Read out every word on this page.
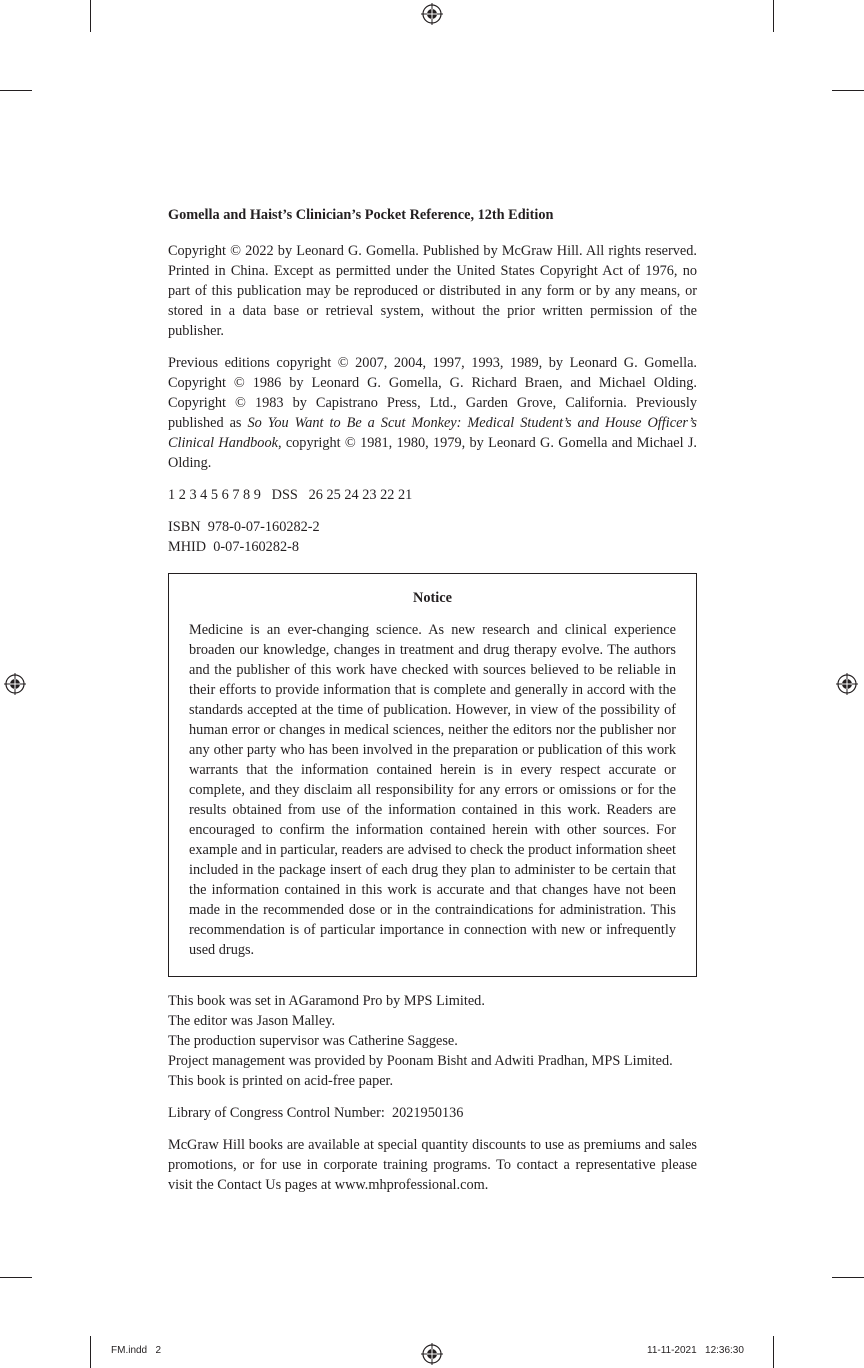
Gomella and Haist’s Clinician’s Pocket Reference, 12th Edition

Copyright © 2022 by Leonard G. Gomella. Published by McGraw Hill. All rights reserved. Printed in China. Except as permitted under the United States Copyright Act of 1976, no part of this publication may be reproduced or distributed in any form or by any means, or stored in a data base or retrieval system, without the prior written permission of the publisher.

Previous editions copyright © 2007, 2004, 1997, 1993, 1989, by Leonard G. Gomella. Copyright © 1986 by Leonard G. Gomella, G. Richard Braen, and Michael Olding. Copyright © 1983 by Capistrano Press, Ltd., Garden Grove, California. Previously published as So You Want to Be a Scut Monkey: Medical Student’s and House Officer’s Clinical Handbook, copyright © 1981, 1980, 1979, by Leonard G. Gomella and Michael J. Olding.

1 2 3 4 5 6 7 8 9   DSS   26 25 24 23 22 21

ISBN  978-0-07-160282-2
MHID  0-07-160282-8
Notice

Medicine is an ever-changing science. As new research and clinical experience broaden our knowledge, changes in treatment and drug therapy evolve. The authors and the publisher of this work have checked with sources believed to be reliable in their efforts to provide information that is complete and generally in accord with the standards accepted at the time of publication. However, in view of the possibility of human error or changes in medical sciences, neither the editors nor the publisher nor any other party who has been involved in the preparation or publication of this work warrants that the information contained herein is in every respect accurate or complete, and they disclaim all responsibility for any errors or omissions or for the results obtained from use of the information contained in this work. Readers are encouraged to confirm the information contained herein with other sources. For example and in particular, readers are advised to check the product information sheet included in the package insert of each drug they plan to administer to be certain that the information contained in this work is accurate and that changes have not been made in the recommended dose or in the contraindications for administration. This recommendation is of particular importance in connection with new or infrequently used drugs.

This book was set in AGaramond Pro by MPS Limited.
The editor was Jason Malley.
The production supervisor was Catherine Saggese.
Project management was provided by Poonam Bisht and Adwiti Pradhan, MPS Limited.
This book is printed on acid-free paper.

Library of Congress Control Number:  2021950136

McGraw Hill books are available at special quantity discounts to use as premiums and sales promotions, or for use in corporate training programs. To contact a representative please visit the Contact Us pages at www.mhprofessional.com.

FM.indd   2	11-11-2021   12:36:30
